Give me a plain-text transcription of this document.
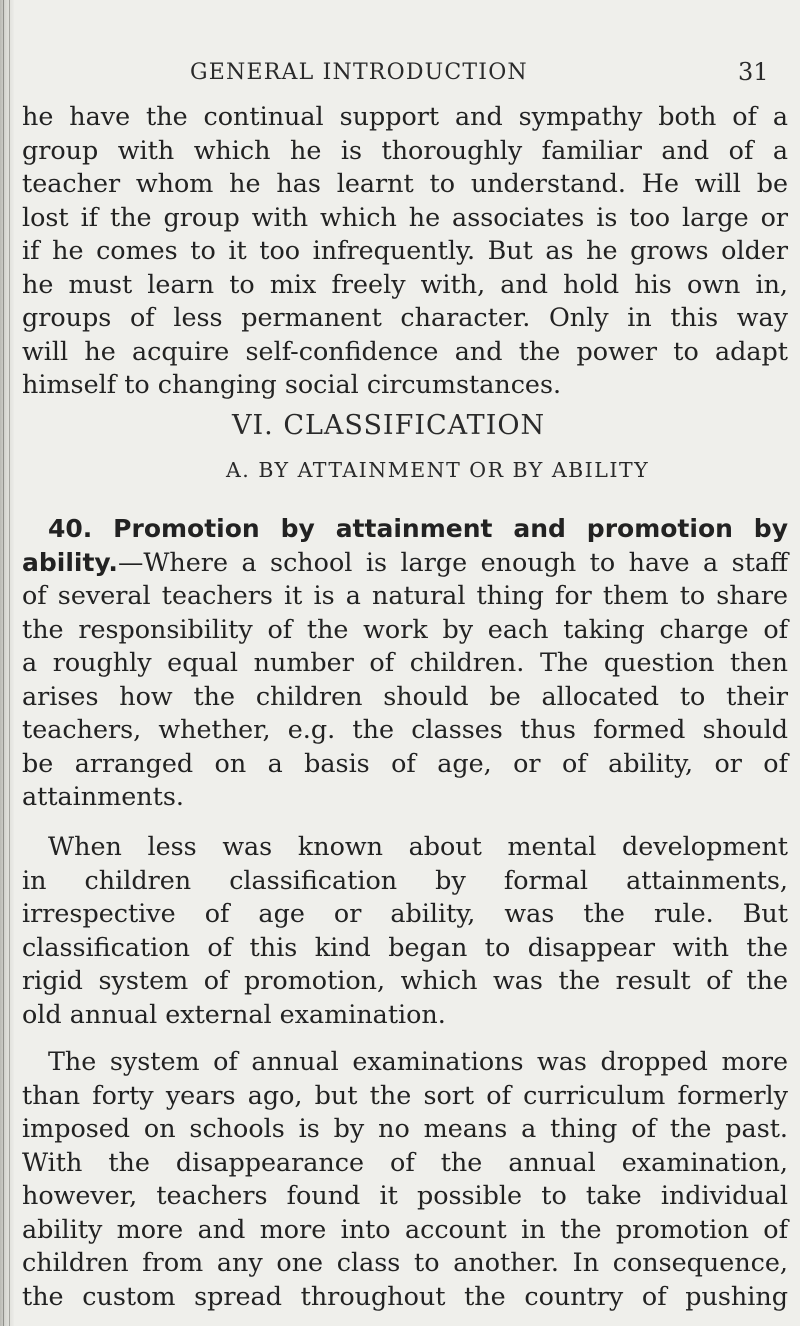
GENERAL INTRODUCTION	31
he have the continual support and sympathy both of a
group with which he is thoroughly familiar and of a
teacher whom he has learnt to understand. He will be
lost if the group with which he associates is too large or
if he comes to it too infrequently. But as he grows older
he must learn to mix freely with, and hold his own in,
groups of less permanent character. Only in this way
will he acquire self-confidence and the power to adapt
himself to changing social circumstances.
VI. CLASSIFICATION
A. BY ATTAINMENT OR BY ABILITY
40. Promotion by attainment and promotion by
ability.—Where a school is large enough to have a staff
of several teachers it is a natural thing for them to share
the responsibility of the work by each taking charge of
a roughly equal number of children. The question then
arises how the children should be allocated to their
teachers, whether, e.g. the classes thus formed should
be arranged on a basis of age, or of ability, or of
attainments.
When less was known about mental development
in children classification by formal attainments,
irrespective of age or ability, was the rule. But
classification of this kind began to disappear with the
rigid system of promotion, which was the result of the
old annual external examination.
The system of annual examinations was dropped more
than forty years ago, but the sort of curriculum formerly
imposed on schools is by no means a thing of the past.
With the disappearance of the annual examination,
however, teachers found it possible to take individual
ability more and more into account in the promotion of
children from any one class to another. In consequence,
the custom spread throughout the country of pushing
